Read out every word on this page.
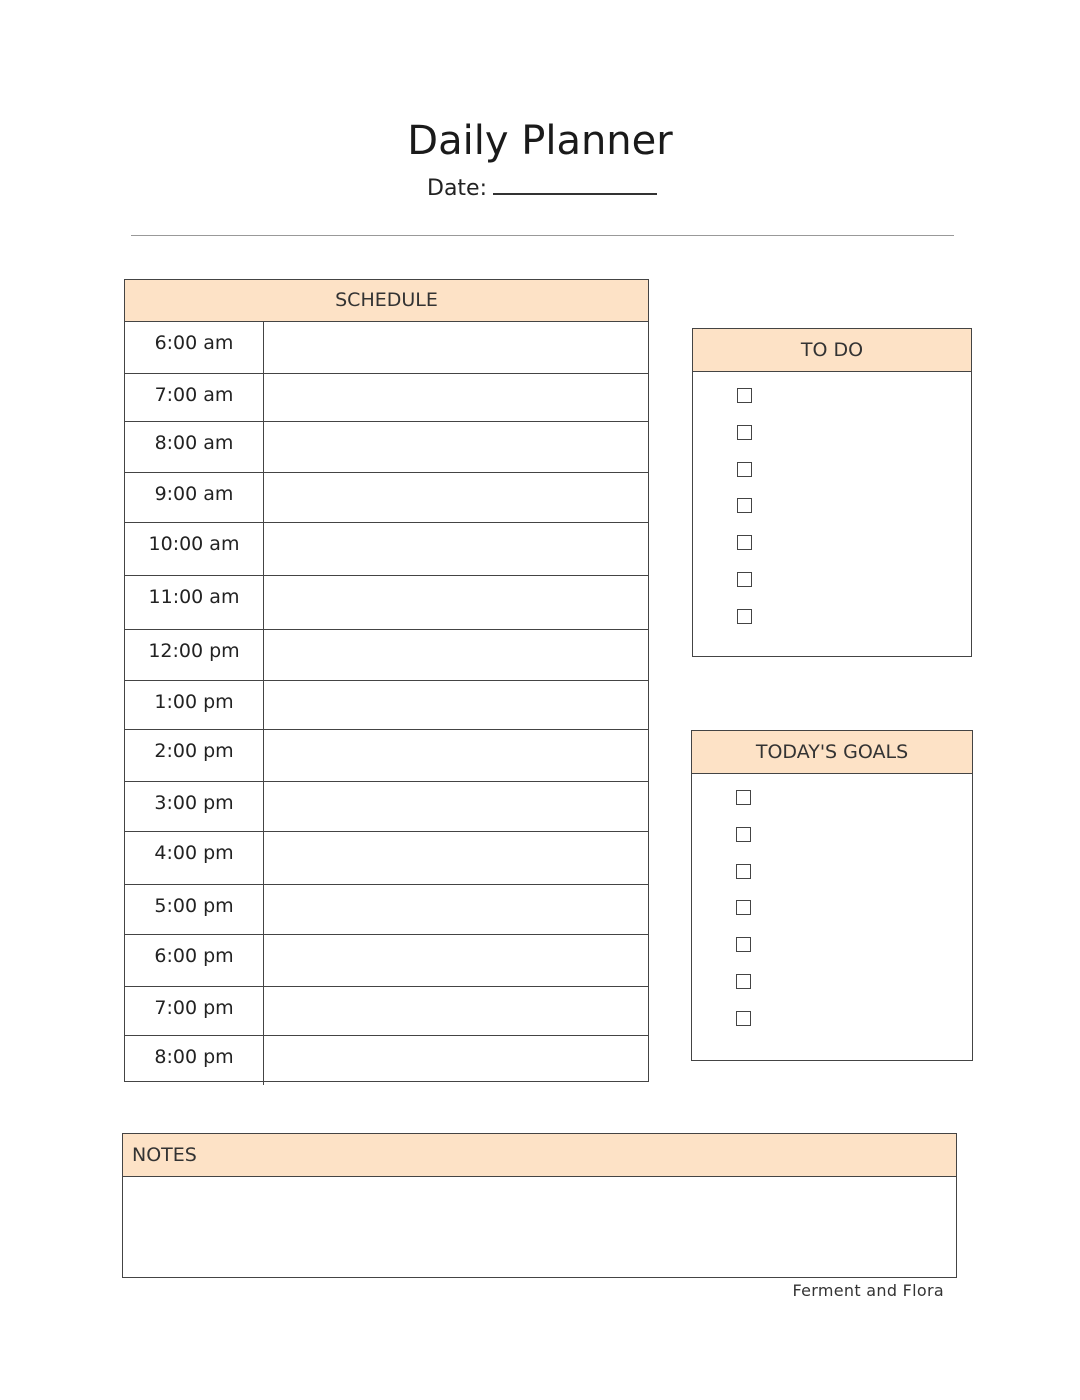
Daily Planner
Date:
SCHEDULE
6:00 am
7:00 am
8:00 am
9:00 am
10:00 am
11:00 am
12:00 pm
1:00 pm
2:00 pm
3:00 pm
4:00 pm
5:00 pm
6:00 pm
7:00 pm
8:00 pm
TO DO
TODAY'S GOALS
NOTES
Ferment and Flora
